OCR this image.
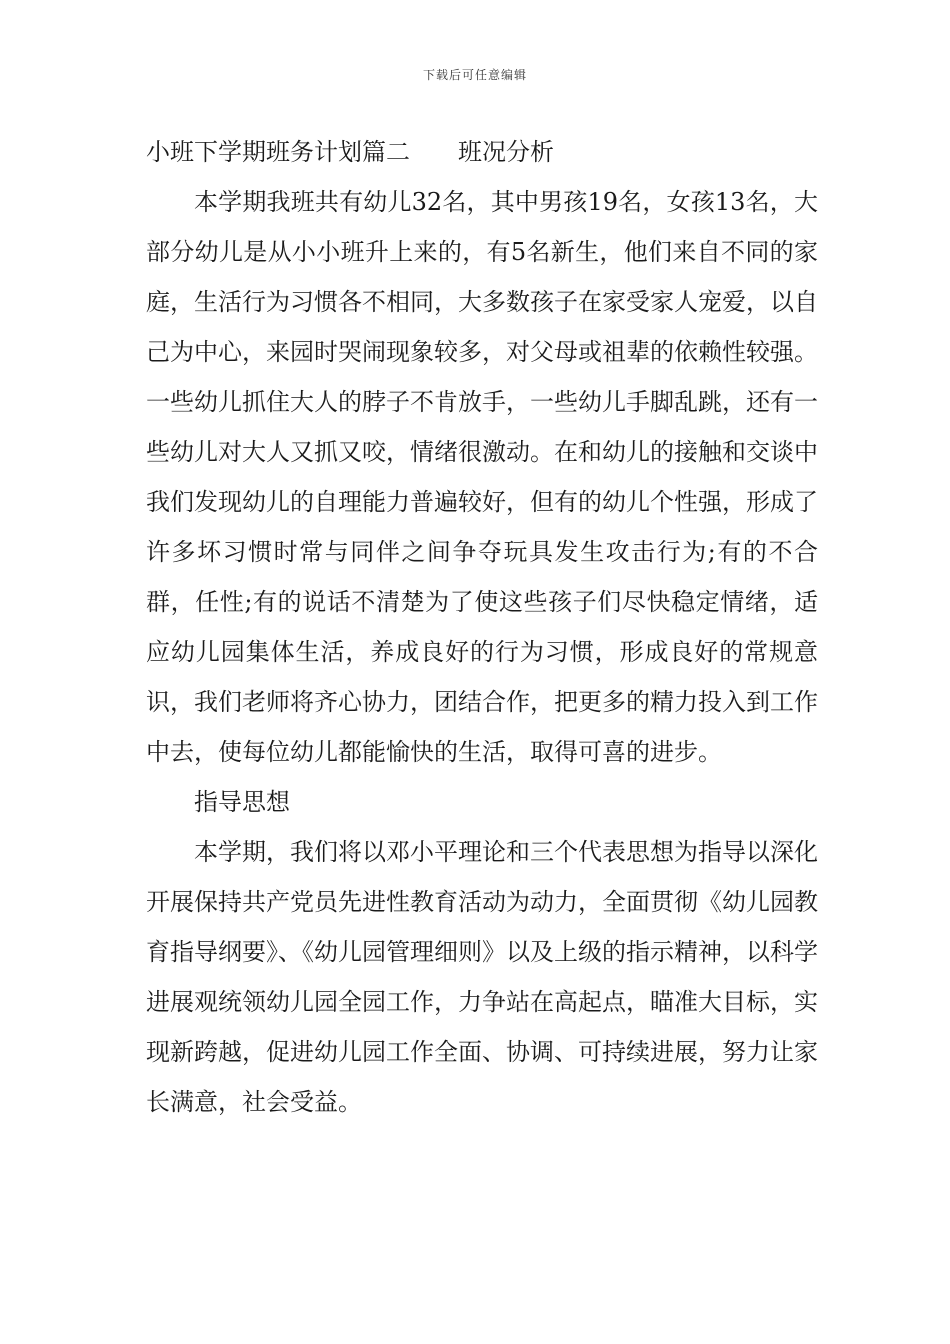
下载后可任意编辑
小班下学期班务计划篇二 班况分析

本学期我班共有幼儿32名，其中男孩19名，女孩13名，大部分幼儿是从小小班升上来的，有5名新生，他们来自不同的家庭，生活行为习惯各不相同，大多数孩子在家受家人宠爱，以自己为中心，来园时哭闹现象较多，对父母或祖辈的依赖性较强。一些幼儿抓住大人的脖子不肯放手，一些幼儿手脚乱跳，还有一些幼儿对大人又抓又咬，情绪很激动。在和幼儿的接触和交谈中我们发现幼儿的自理能力普遍较好，但有的幼儿个性强，形成了许多坏习惯时常与同伴之间争夺玩具发生攻击行为;有的不合群，任性;有的说话不清楚为了使这些孩子们尽快稳定情绪，适应幼儿园集体生活，养成良好的行为习惯，形成良好的常规意识，我们老师将齐心协力，团结合作，把更多的精力投入到工作中去，使每位幼儿都能愉快的生活，取得可喜的进步。

指导思想

本学期，我们将以邓小平理论和三个代表思想为指导以深化开展保持共产党员先进性教育活动为动力，全面贯彻《幼儿园教育指导纲要》、《幼儿园管理细则》以及上级的指示精神，以科学进展观统领幼儿园全园工作，力争站在高起点，瞄准大目标，实现新跨越，促进幼儿园工作全面、协调、可持续进展，努力让家长满意，社会受益。
